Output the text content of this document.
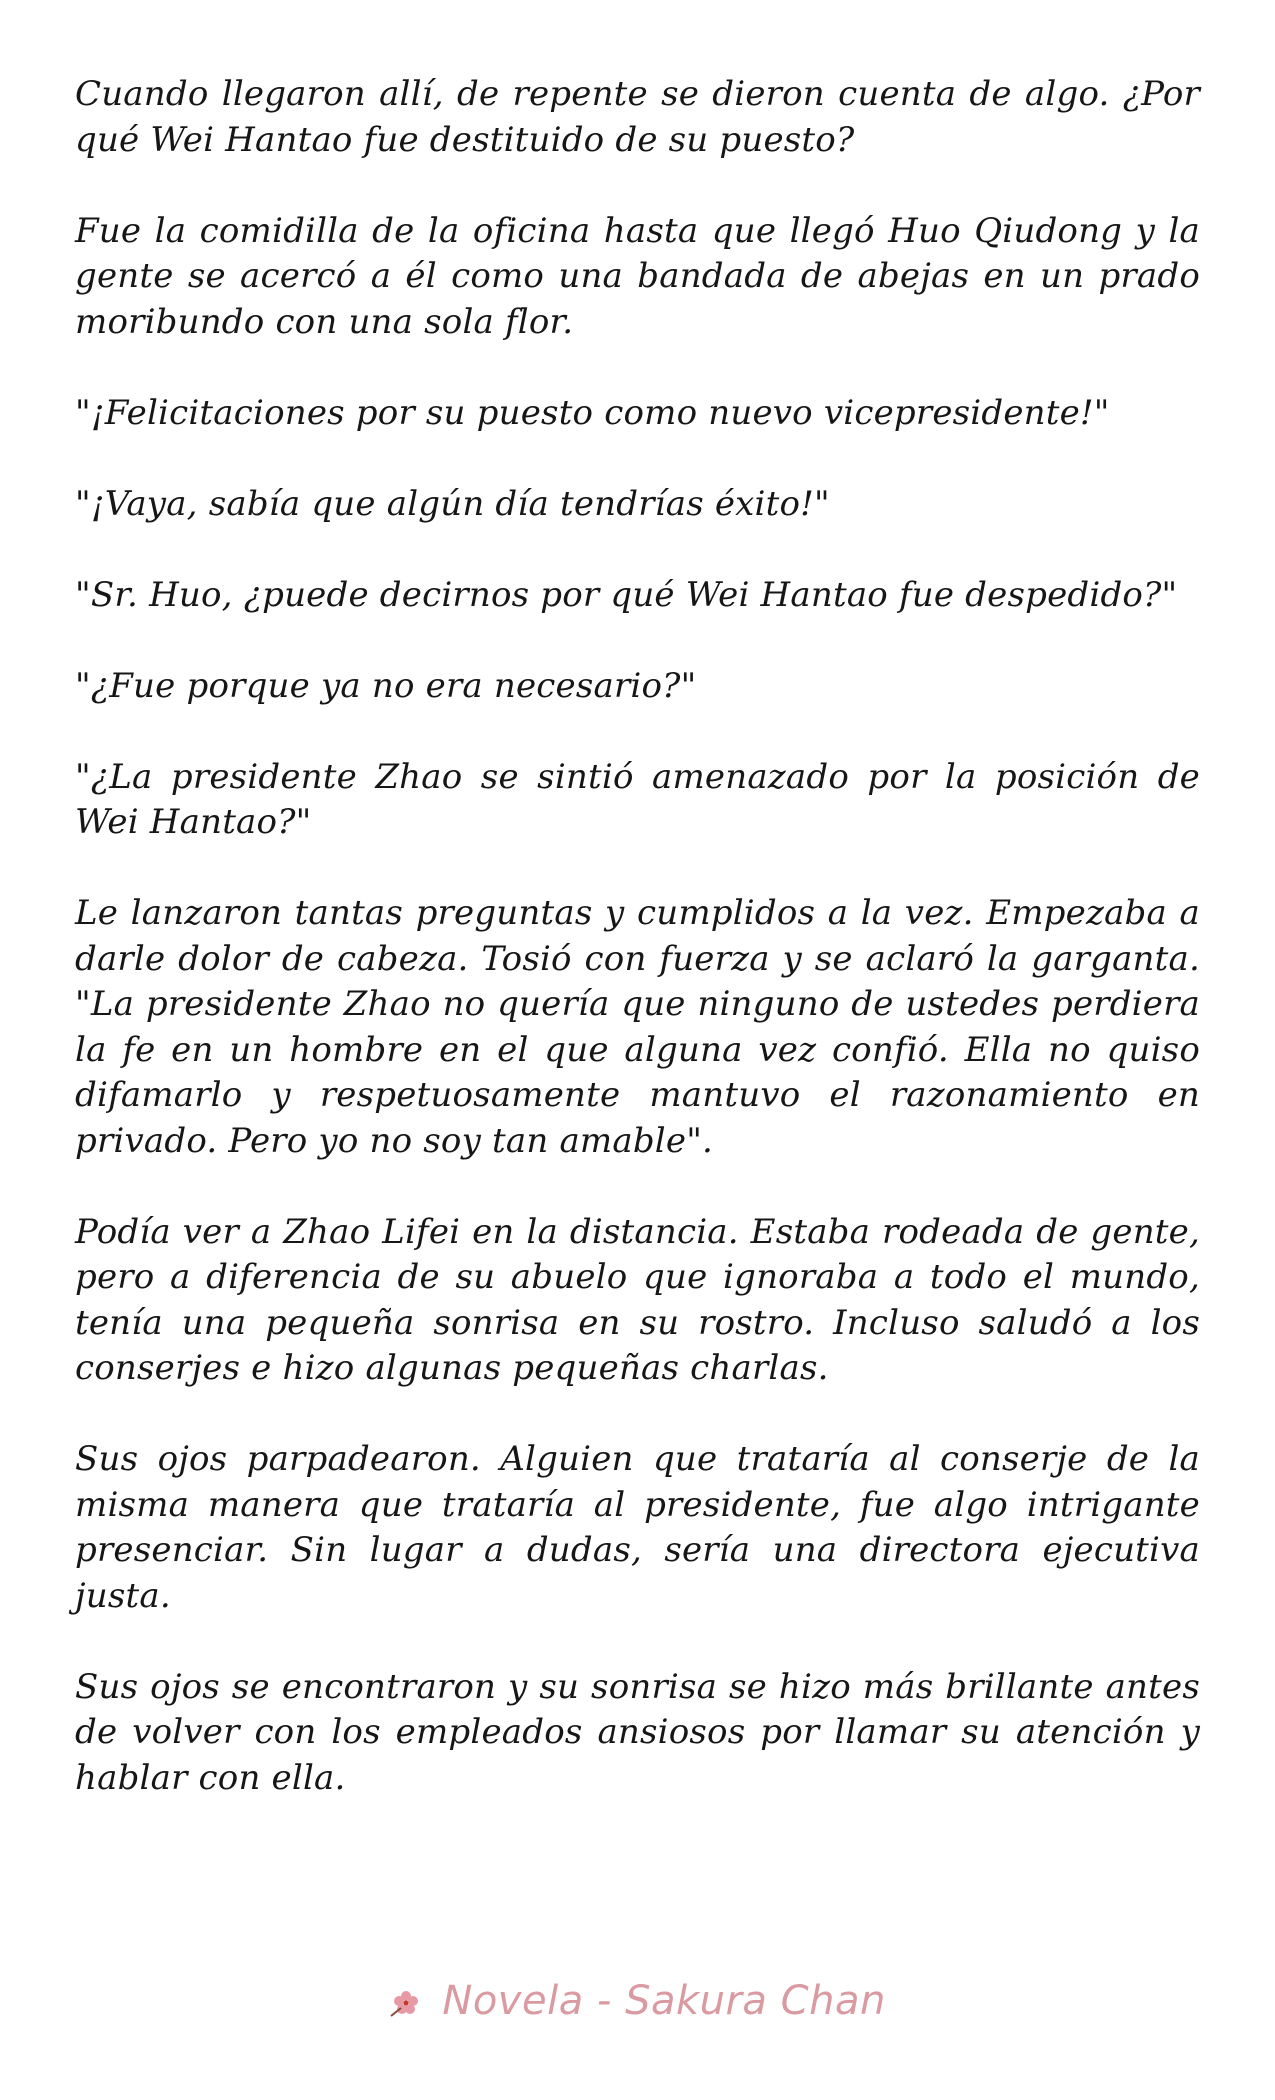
Cuando llegaron allí, de repente se dieron cuenta de algo. ¿Por qué Wei Hantao fue destituido de su puesto?

Fue la comidilla de la oficina hasta que llegó Huo Qiudong y la gente se acercó a él como una bandada de abejas en un prado moribundo con una sola flor.

"¡Felicitaciones por su puesto como nuevo vicepresidente!"

"¡Vaya, sabía que algún día tendrías éxito!"

"Sr. Huo, ¿puede decirnos por qué Wei Hantao fue despedido?"

"¿Fue porque ya no era necesario?"

"¿La presidente Zhao se sintió amenazado por la posición de Wei Hantao?"

Le lanzaron tantas preguntas y cumplidos a la vez. Empezaba a darle dolor de cabeza. Tosió con fuerza y se aclaró la garganta. "La presidente Zhao no quería que ninguno de ustedes perdiera la fe en un hombre en el que alguna vez confió. Ella no quiso difamarlo y respetuosamente mantuvo el razonamiento en privado. Pero yo no soy tan amable".

Podía ver a Zhao Lifei en la distancia. Estaba rodeada de gente, pero a diferencia de su abuelo que ignoraba a todo el mundo, tenía una pequeña sonrisa en su rostro. Incluso saludó a los conserjes e hizo algunas pequeñas charlas.

Sus ojos parpadearon. Alguien que trataría al conserje de la misma manera que trataría al presidente, fue algo intrigante presenciar. Sin lugar a dudas, sería una directora ejecutiva justa.

Sus ojos se encontraron y su sonrisa se hizo más brillante antes de volver con los empleados ansiosos por llamar su atención y hablar con ella.

Novela - Sakura Chan
